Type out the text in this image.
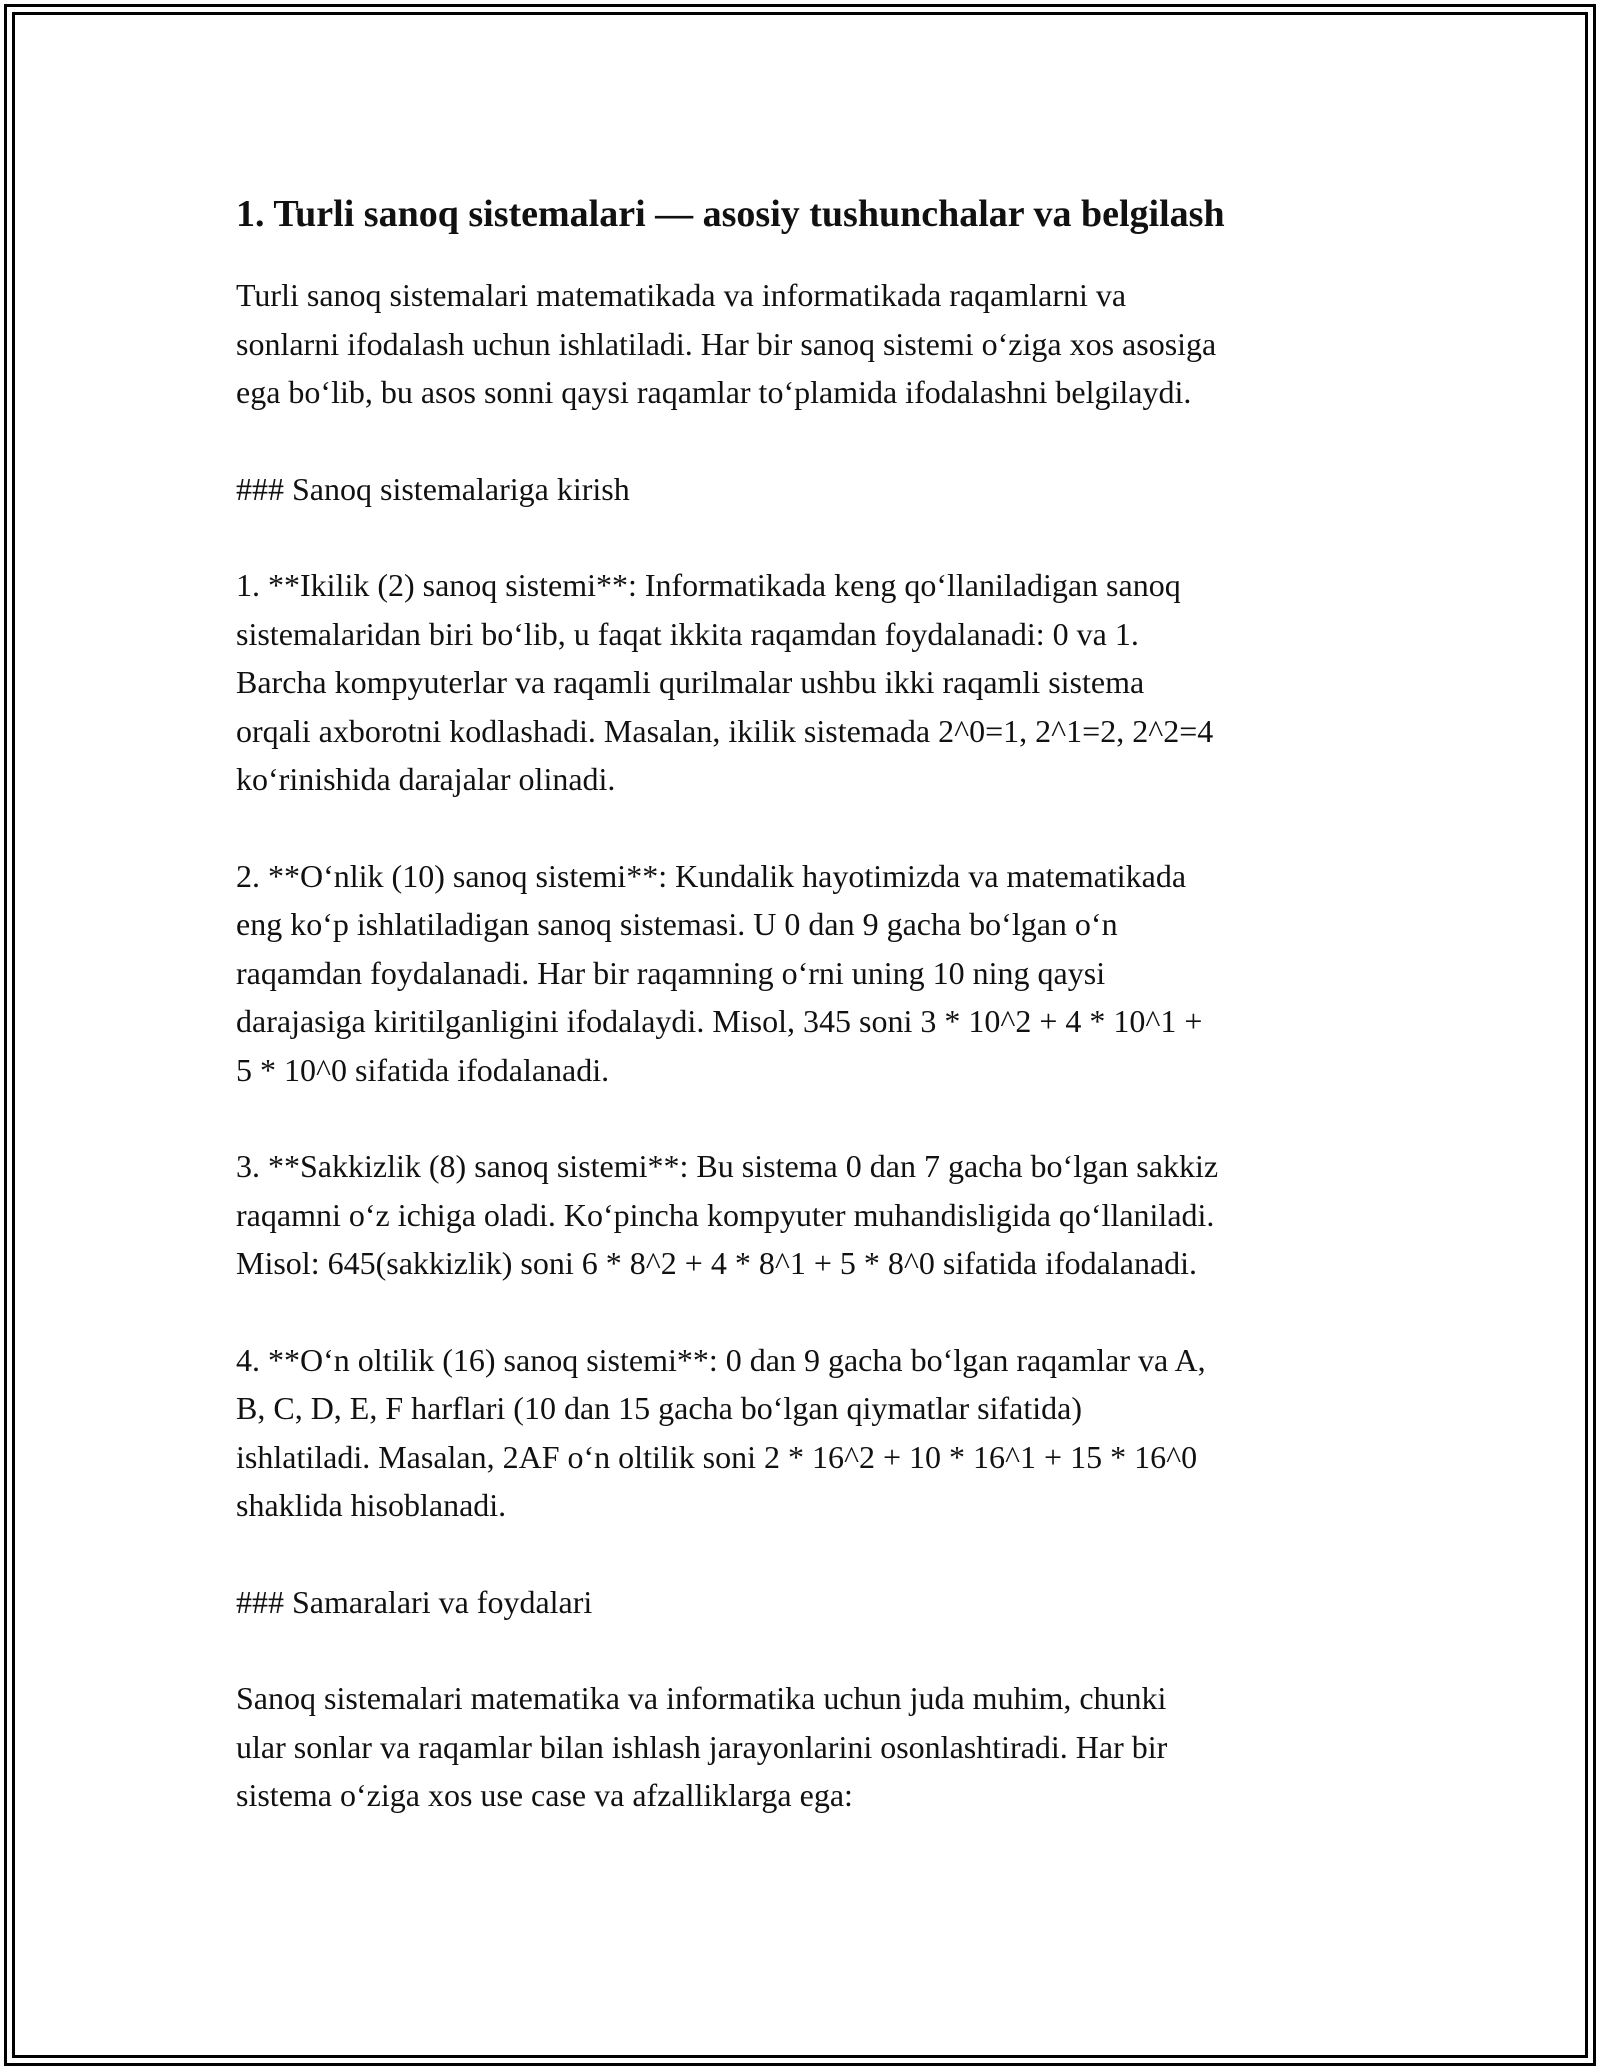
1. Turli sanoq sistemalari — asosiy tushunchalar va belgilash

Turli sanoq sistemalari matematikada va informatikada raqamlarni va
sonlarni ifodalash uchun ishlatiladi. Har bir sanoq sistemi o‘ziga xos asosiga
ega bo‘lib, bu asos sonni qaysi raqamlar to‘plamida ifodalashni belgilaydi.

### Sanoq sistemalariga kirish

1. **Ikilik (2) sanoq sistemi**: Informatikada keng qo‘llaniladigan sanoq
sistemalaridan biri bo‘lib, u faqat ikkita raqamdan foydalanadi: 0 va 1.
Barcha kompyuterlar va raqamli qurilmalar ushbu ikki raqamli sistema
orqali axborotni kodlashadi. Masalan, ikilik sistemada 2^0=1, 2^1=2, 2^2=4
ko‘rinishida darajalar olinadi.

2. **O‘nlik (10) sanoq sistemi**: Kundalik hayotimizda va matematikada
eng ko‘p ishlatiladigan sanoq sistemasi. U 0 dan 9 gacha bo‘lgan o‘n
raqamdan foydalanadi. Har bir raqamning o‘rni uning 10 ning qaysi
darajasiga kiritilganligini ifodalaydi. Misol, 345 soni 3 * 10^2 + 4 * 10^1 +
5 * 10^0 sifatida ifodalanadi.

3. **Sakkizlik (8) sanoq sistemi**: Bu sistema 0 dan 7 gacha bo‘lgan sakkiz
raqamni o‘z ichiga oladi. Ko‘pincha kompyuter muhandisligida qo‘llaniladi.
Misol: 645(sakkizlik) soni 6 * 8^2 + 4 * 8^1 + 5 * 8^0 sifatida ifodalanadi.

4. **O‘n oltilik (16) sanoq sistemi**: 0 dan 9 gacha bo‘lgan raqamlar va A,
B, C, D, E, F harflari (10 dan 15 gacha bo‘lgan qiymatlar sifatida)
ishlatiladi. Masalan, 2AF o‘n oltilik soni 2 * 16^2 + 10 * 16^1 + 15 * 16^0
shaklida hisoblanadi.

### Samaralari va foydalari

Sanoq sistemalari matematika va informatika uchun juda muhim, chunki
ular sonlar va raqamlar bilan ishlash jarayonlarini osonlashtiradi. Har bir
sistema o‘ziga xos use case va afzalliklarga ega:
